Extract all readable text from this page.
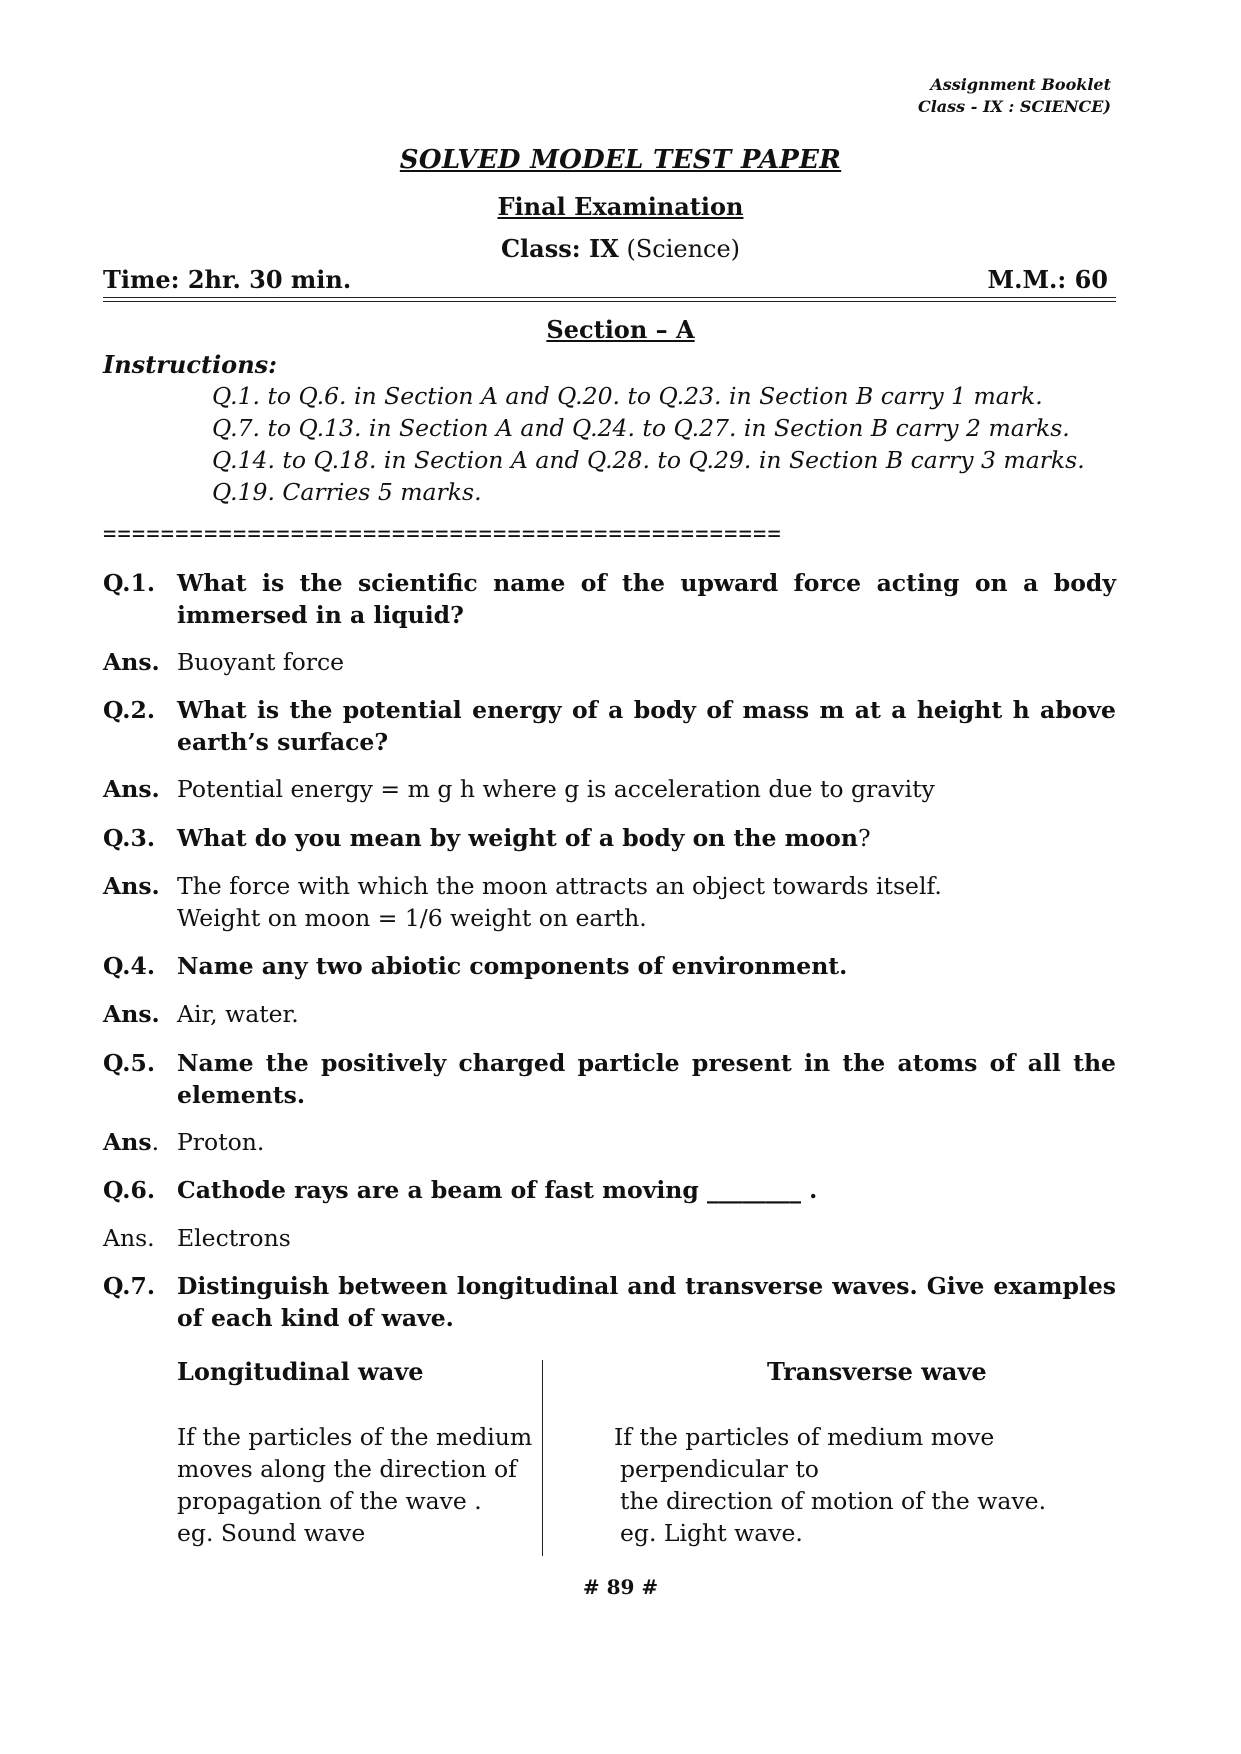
Assignment Booklet
Class - IX : SCIENCE)
SOLVED MODEL TEST PAPER
Final Examination
Class: IX (Science)
Time: 2hr. 30 min.	M.M.: 60
Section – A
Instructions:
Q.1. to Q.6. in Section A and Q.20. to Q.23. in Section B carry 1 mark.
Q.7. to Q.13. in Section A and Q.24. to Q.27. in Section B carry 2 marks.
Q.14. to Q.18. in Section A and Q.28. to Q.29. in Section B carry 3 marks.
Q.19. Carries 5 marks.
===============================================
Q.1. What is the scientific name of the upward force acting on a body immersed in a liquid?
Ans. Buoyant force
Q.2. What is the potential energy of a body of mass m at a height h above earth’s surface?
Ans. Potential energy = m g h where g is acceleration due to gravity
Q.3. What do you mean by weight of a body on the moon?
Ans. The force with which the moon attracts an object towards itself.
Weight on moon = 1/6 weight on earth.
Q.4. Name any two abiotic components of environment.
Ans. Air, water.
Q.5. Name the positively charged particle present in the atoms of all the elements.
Ans. Proton.
Q.6. Cathode rays are a beam of fast moving ________ .
Ans. Electrons
Q.7. Distinguish between longitudinal and transverse waves. Give examples of each kind of wave.
Longitudinal wave	Transverse wave
If the particles of the medium
moves along the direction of
propagation of the wave .
eg. Sound wave
If the particles of medium move
perpendicular to
the direction of motion of the wave.
eg. Light wave.
# 89 #
